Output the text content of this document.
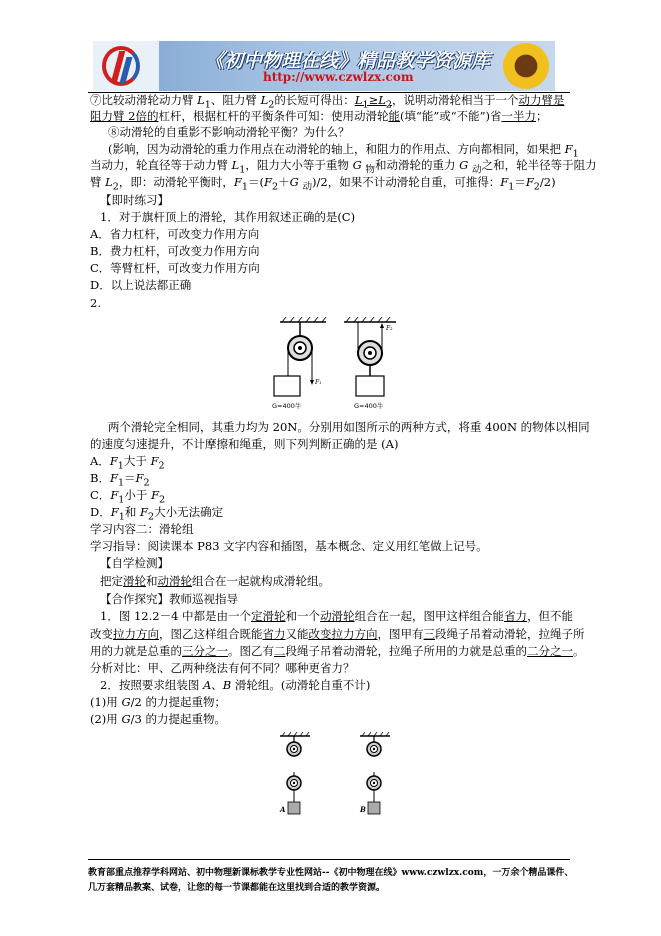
《初中物理在线》精品教学资源库
http://www.czwlzx.com
⑦比较动滑轮动力臂 $L_1$、阻力臂 $L_2$的长短可得出：$L_1\ge L_2$，说明动滑轮相当于一个动力臂是
阻力臂 2倍的杠杆，根据杠杆的平衡条件可知：使用动滑轮能(填“能”或“不能”)省一半力；
⑧动滑轮的自重影不影响动滑轮平衡？为什么？
(影响，因为动滑轮的重力作用点在动滑轮的轴上，和阻力的作用点、方向都相同，如果把 $F_1$
当动力，轮直径等于动力臂 $L_1$，阻力大小等于重物 G $_物$和动滑轮的重力 G $_动$之和，轮半径等于阻力
臂 $L_2$，即：动滑轮平衡时，$F_1=(F_2+G$ $_动$)/2，如果不计动滑轮自重，可推得：$F_1=F_2/2$)
【即时练习】
1．对于旗杆顶上的滑轮，其作用叙述正确的是(C)
A．省力杠杆，可改变力作用方向
B．费力杠杆，可改变力作用方向
C．等臂杠杆，可改变力作用方向
D．以上说法都正确
2.
F₁
G=400牛
F₂
G=400牛
两个滑轮完全相同，其重力均为 20N。分别用如图所示的两种方式，将重 400N 的物体以相同
的速度匀速提升，不计摩擦和绳重，则下列判断正确的是 (A)
A．$F_1$大于 $F_2$
B．$F_1=F_2$
C．$F_1$小于 $F_2$
D．$F_1$和 $F_2$大小无法确定
学习内容二：滑轮组
学习指导：阅读课本 P83 文字内容和插图，基本概念、定义用红笔做上记号。
【自学检测】
把定滑轮和动滑轮组合在一起就构成滑轮组。
【合作探究】教师巡视指导
1．图 12.2－4 中都是由一个定滑轮和一个动滑轮组合在一起，图甲这样组合能省力，但不能
改变拉力方向，图乙这样组合既能省力又能改变拉力方向，图甲有三段绳子吊着动滑轮，拉绳子所
用的力就是总重的三分之一。图乙有二段绳子吊着动滑轮，拉绳子所用的力就是总重的二分之一。
分析对比：甲、乙两种绕法有何不同？哪种更省力？
2．按照要求组装图 A、B 滑轮组。(动滑轮自重不计)
(1)用 G/2 的力提起重物；
(2)用 G/3 的力提起重物。
A	B
教育部重点推荐学科网站、初中物理新课标教学专业性网站--《初中物理在线》www.czwlzx.com，一万余个精品课件、
几万套精品教案、试卷，让您的每一节课都能在这里找到合适的教学资源。
